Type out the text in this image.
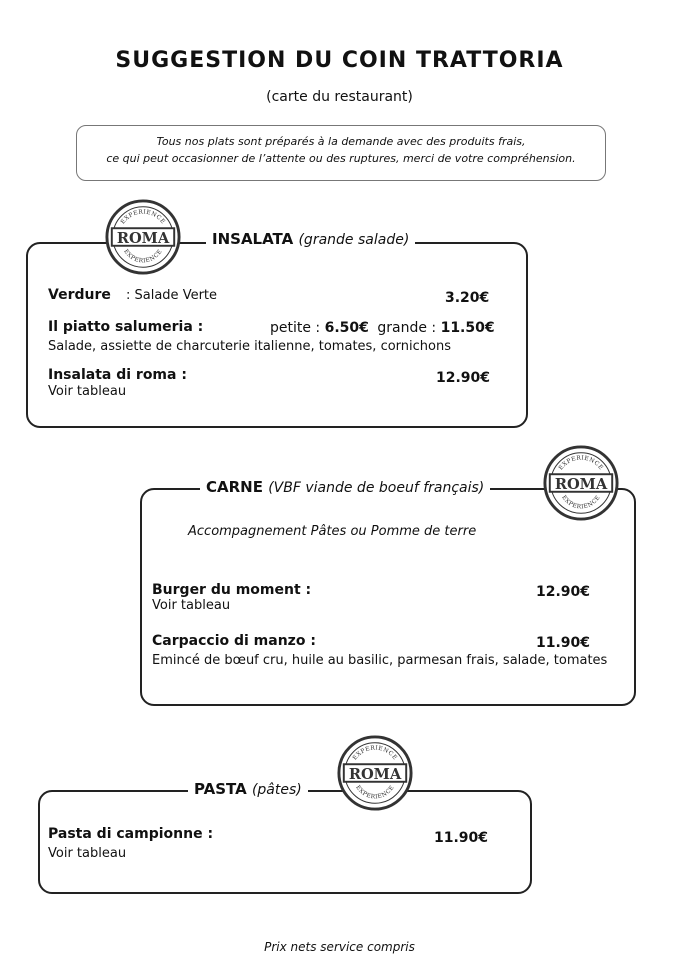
SUGGESTION DU COIN TRATTORIA
(carte du restaurant)
Tous nos plats sont préparés à la demande avec des produits frais,
ce qui peut occasionner de l’attente ou des ruptures, merci de votre compréhension.
INSALATA (grande salade)
EXPERIENCE
EXPERIENCE
ROMA
Verdure : Salade Verte	3.20€
Il piatto salumeria :	petite : 6.50€ grande : 11.50€
Salade, assiette de charcuterie italienne, tomates, cornichons
Insalata di roma :	12.90€
Voir tableau
CARNE (VBF viande de boeuf français)
EXPERIENCE
EXPERIENCE
ROMA
Accompagnement Pâtes ou Pomme de terre
Burger du moment :	12.90€
Voir tableau
Carpaccio di manzo :	11.90€
Emincé de bœuf cru, huile au basilic, parmesan frais, salade, tomates
PASTA (pâtes)
EXPERIENCE
EXPERIENCE
ROMA
Pasta di campionne :	11.90€
Voir tableau
Prix nets service compris
